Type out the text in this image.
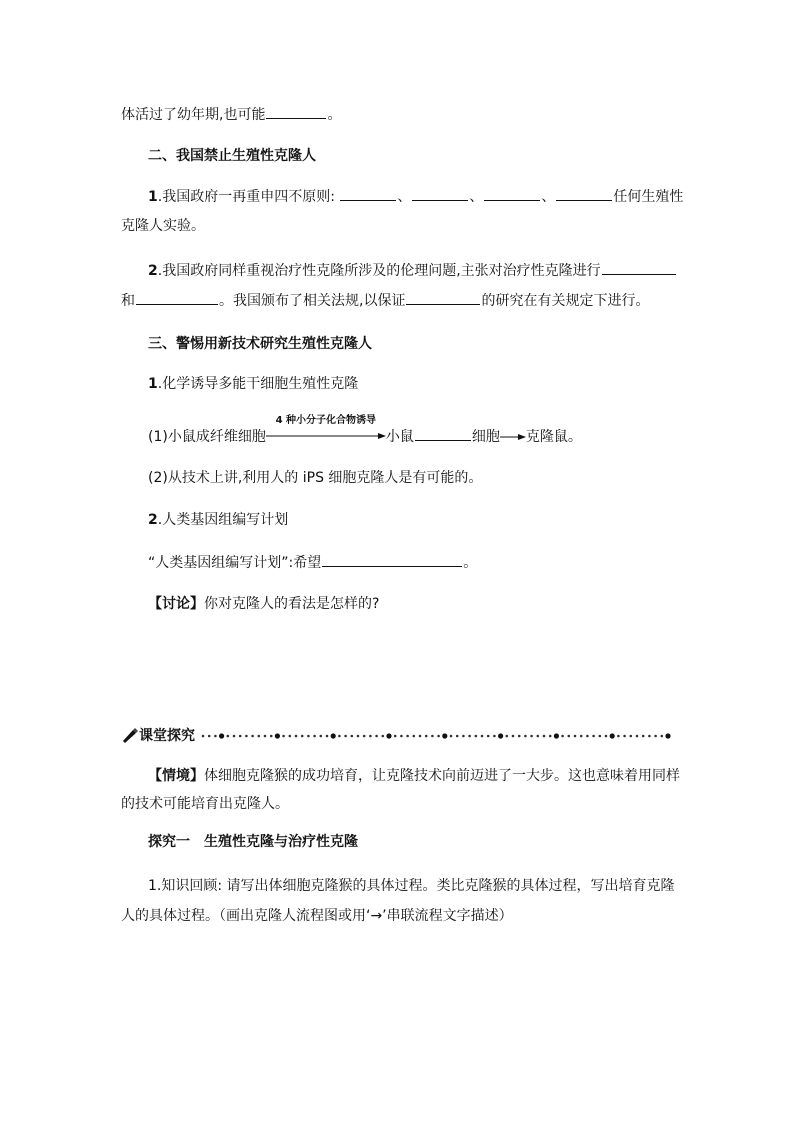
体活过了幼年期,也可能	。
二、我国禁止生殖性克隆人
1.我国政府一再重申四不原则:	、	、	、	任何生殖性
克隆人实验。
2.我国政府同样重视治疗性克隆所涉及的伦理问题,主张对治疗性克隆进行
和	。我国颁布了相关法规,以保证	的研究在有关规定下进行。
三、警惕用新技术研究生殖性克隆人
1.化学诱导多能干细胞生殖性克隆
(1)小鼠成纤维细胞
4 种小分子化合物诱导
小鼠	细胞 克隆鼠。
(2)从技术上讲,利用人的 iPS 细胞克隆人是有可能的。
2.人类基因组编写计划
“人类基因组编写计划”:希望	。
【讨论】你对克隆人的看法是怎样的?
课堂探究
【情境】体细胞克隆猴的成功培育，让克隆技术向前迈进了一大步。这也意味着用同样
的技术可能培育出克隆人。
探究一 生殖性克隆与治疗性克隆
1.知识回顾: 请写出体细胞克隆猴的具体过程。类比克隆猴的具体过程，写出培育克隆
人的具体过程。（画出克隆人流程图或用‘→’串联流程文字描述）
